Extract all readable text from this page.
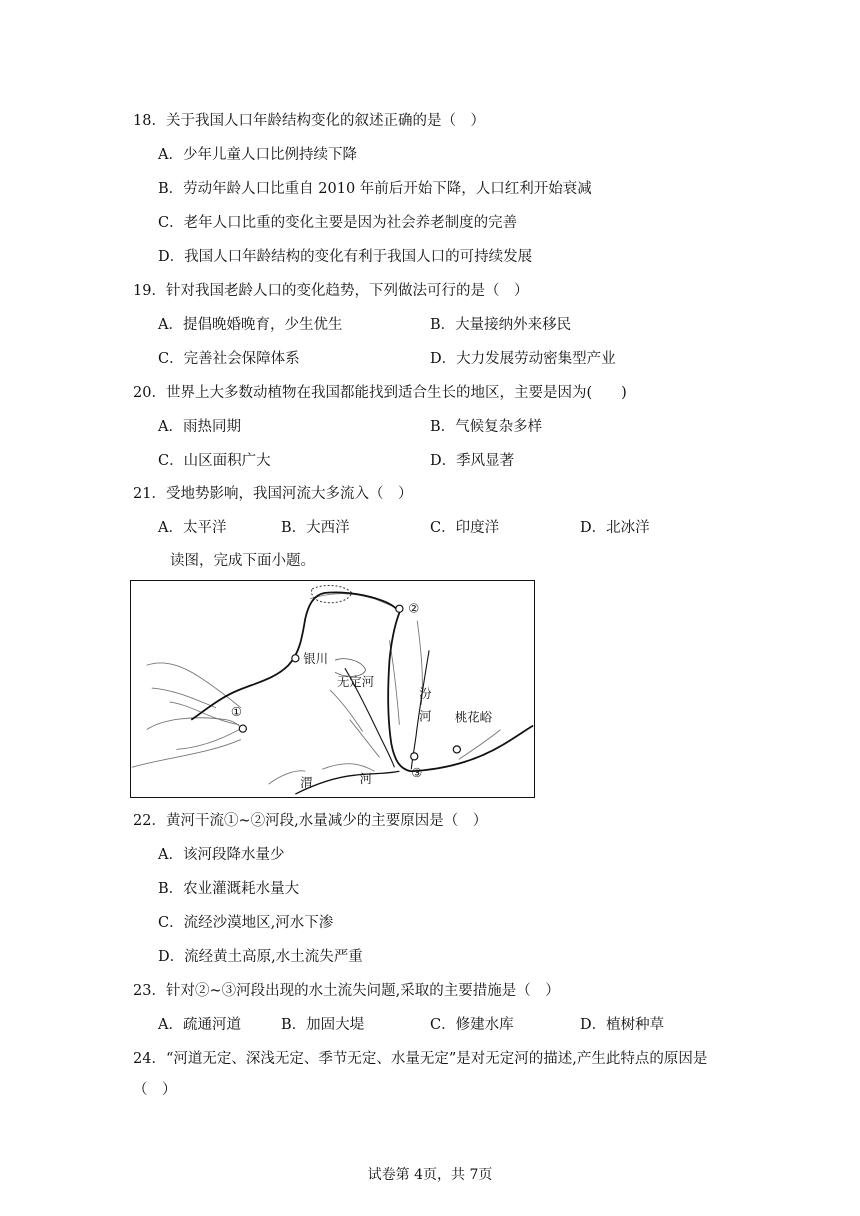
18．关于我国人口年龄结构变化的叙述正确的是（　）
A．少年儿童人口比例持续下降
B．劳动年龄人口比重自 2010 年前后开始下降，人口红利开始衰减
C．老年人口比重的变化主要是因为社会养老制度的完善
D．我国人口年龄结构的变化有利于我国人口的可持续发展
19．针对我国老龄人口的变化趋势，下列做法可行的是（　）
A．提倡晚婚晚育，少生优生	B．大量接纳外来移民
C．完善社会保障体系	D．大力发展劳动密集型产业
20．世界上大多数动植物在我国都能找到适合生长的地区，主要是因为(　　)
A．雨热同期	B．气候复杂多样
C．山区面积广大	D．季风显著
21．受地势影响，我国河流大多流入（　）
A．太平洋	B．大西洋	C．印度洋	D．北冰洋
读图，完成下面小题。
①
②
③
银川
无定河
汾
河 桃花峪
渭	河
22．黄河干流①~②河段,水量减少的主要原因是（　）
A．该河段降水量少
B．农业灌溉耗水量大
C．流经沙漠地区,河水下渗
D．流经黄土高原,水土流失严重
23．针对②~③河段出现的水土流失问题,采取的主要措施是（　）
A．疏通河道	B．加固大堤	C．修建水库	D．植树种草
24．“河道无定、深浅无定、季节无定、水量无定”是对无定河的描述,产生此特点的原因是
（　）
试卷第 4页，共 7页
